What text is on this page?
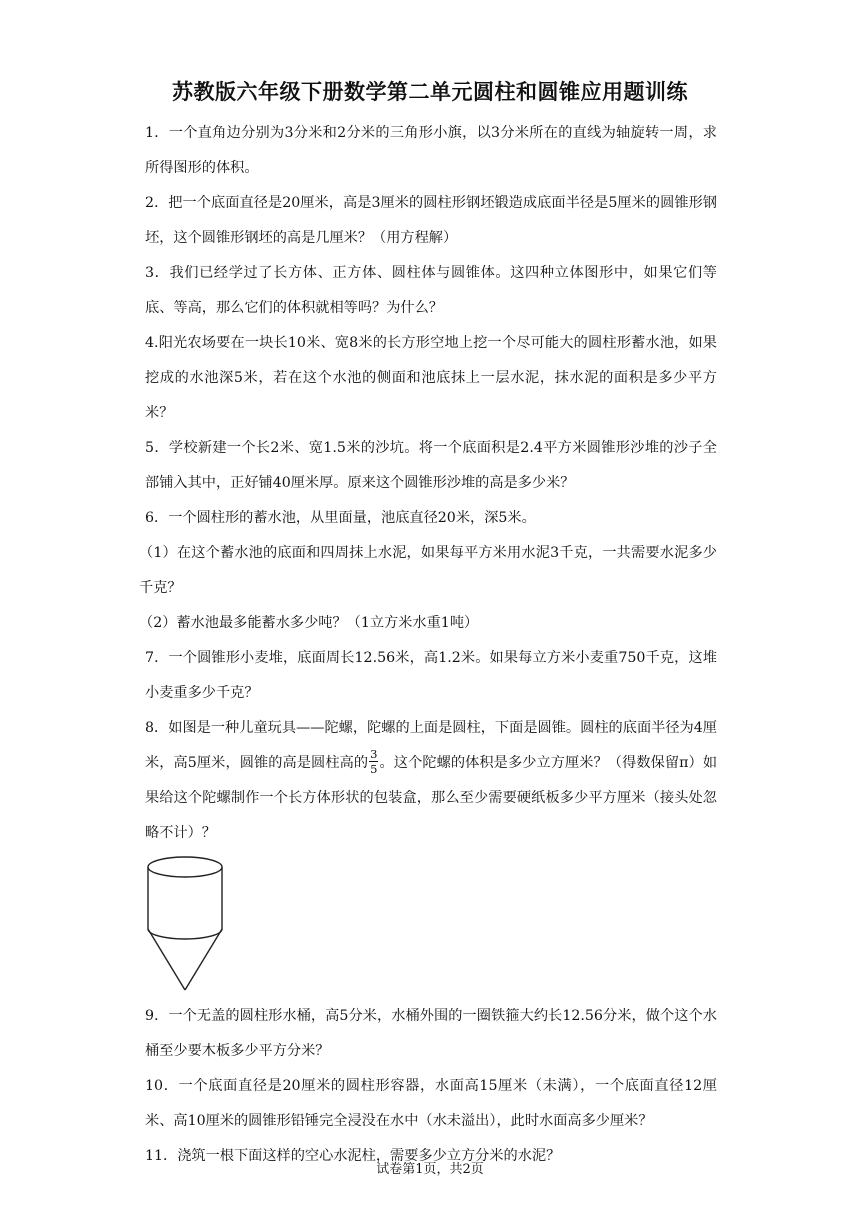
苏教版六年级下册数学第二单元圆柱和圆锥应用题训练

1．一个直角边分别为3分米和2分米的三角形小旗，以3分米所在的直线为轴旋转一周，求所得图形的体积。

2．把一个底面直径是20厘米，高是3厘米的圆柱形钢坯锻造成底面半径是5厘米的圆锥形钢坯，这个圆锥形钢坯的高是几厘米？（用方程解）

3．我们已经学过了长方体、正方体、圆柱体与圆锥体。这四种立体图形中，如果它们等底、等高，那么它们的体积就相等吗？为什么？

4.阳光农场要在一块长10米、宽8米的长方形空地上挖一个尽可能大的圆柱形蓄水池，如果挖成的水池深5米，若在这个水池的侧面和池底抹上一层水泥，抹水泥的面积是多少平方米？

5．学校新建一个长2米、宽1.5米的沙坑。将一个底面积是2.4平方米圆锥形沙堆的沙子全部铺入其中，正好铺40厘米厚。原来这个圆锥形沙堆的高是多少米？

6．一个圆柱形的蓄水池，从里面量，池底直径20米，深5米。

（1）在这个蓄水池的底面和四周抹上水泥，如果每平方米用水泥3千克，一共需要水泥多少千克？

（2）蓄水池最多能蓄水多少吨？（1立方米水重1吨）

7．一个圆锥形小麦堆，底面周长12.56米，高1.2米。如果每立方米小麦重750千克，这堆小麦重多少千克？

8．如图是一种儿童玩具——陀螺，陀螺的上面是圆柱，下面是圆锥。圆柱的底面半径为4厘米，高5厘米，圆锥的高是圆柱高的 $\frac{3}{5}$ 。这个陀螺的体积是多少立方厘米？（得数保留π）如果给这个陀螺制作一个长方体形状的包装盒，那么至少需要硬纸板多少平方厘米（接头处忽略不计）？

9．一个无盖的圆柱形水桶，高5分米，水桶外围的一圈铁箍大约长12.56分米，做个这个水桶至少要木板多少平方分米？

10．一个底面直径是20厘米的圆柱形容器，水面高15厘米（未满），一个底面直径12厘米、高10厘米的圆锥形铅锤完全浸没在水中（水未溢出），此时水面高多少厘米？

11．浇筑一根下面这样的空心水泥柱，需要多少立方分米的水泥？

试卷第1页，共2页
